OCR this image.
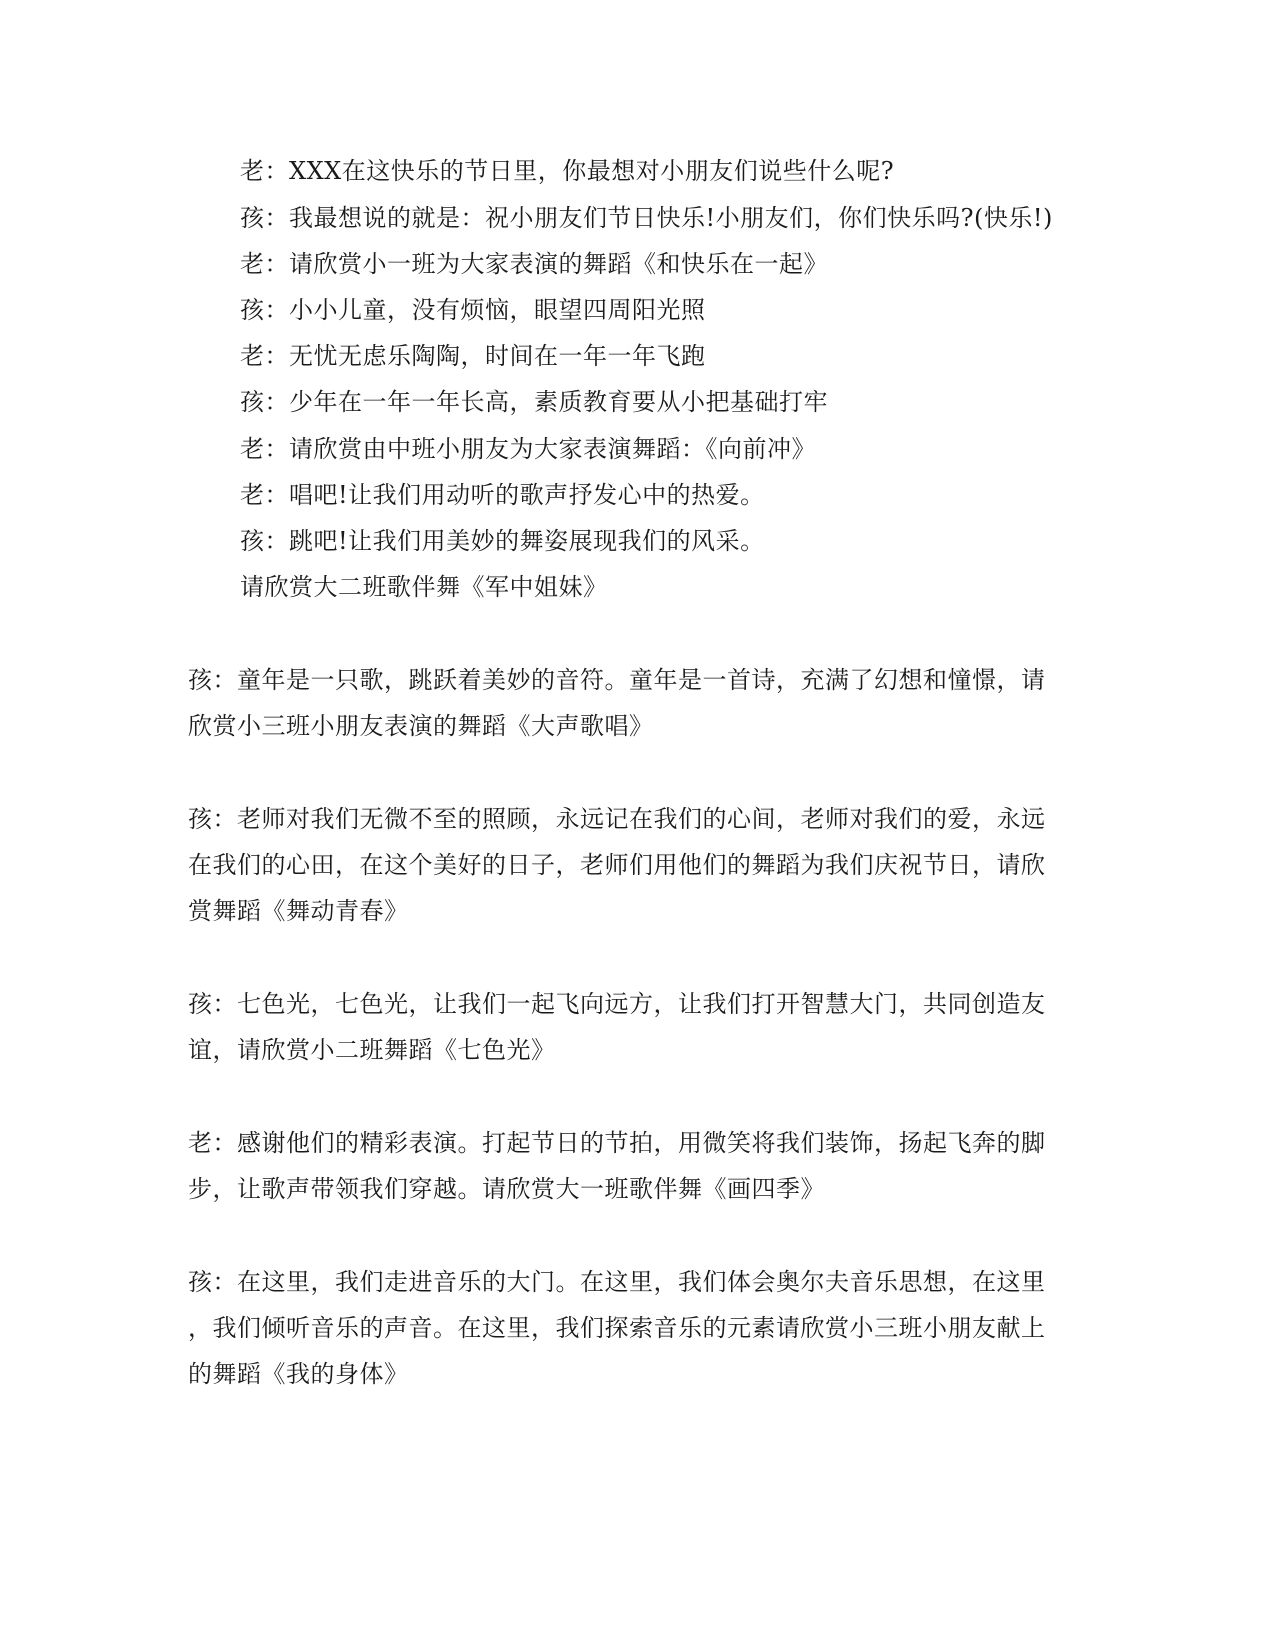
老：XXX在这快乐的节日里，你最想对小朋友们说些什么呢?
孩：我最想说的就是：祝小朋友们节日快乐!小朋友们，你们快乐吗?(快乐!)
老：请欣赏小一班为大家表演的舞蹈《和快乐在一起》
孩：小小儿童，没有烦恼，眼望四周阳光照
老：无忧无虑乐陶陶，时间在一年一年飞跑
孩：少年在一年一年长高，素质教育要从小把基础打牢
老：请欣赏由中班小朋友为大家表演舞蹈：《向前冲》
老：唱吧!让我们用动听的歌声抒发心中的热爱。
孩：跳吧!让我们用美妙的舞姿展现我们的风采。
请欣赏大二班歌伴舞《军中姐妹》
孩：童年是一只歌，跳跃着美妙的音符。童年是一首诗，充满了幻想和憧憬，请
欣赏小三班小朋友表演的舞蹈《大声歌唱》
孩：老师对我们无微不至的照顾，永远记在我们的心间，老师对我们的爱，永远
在我们的心田，在这个美好的日子，老师们用他们的舞蹈为我们庆祝节日，请欣
赏舞蹈《舞动青春》
孩：七色光，七色光，让我们一起飞向远方，让我们打开智慧大门，共同创造友
谊，请欣赏小二班舞蹈《七色光》
老：感谢他们的精彩表演。打起节日的节拍，用微笑将我们装饰，扬起飞奔的脚
步，让歌声带领我们穿越。请欣赏大一班歌伴舞《画四季》
孩：在这里，我们走进音乐的大门。在这里，我们体会奥尔夫音乐思想，在这里
，我们倾听音乐的声音。在这里，我们探索音乐的元素请欣赏小三班小朋友献上
的舞蹈《我的身体》
